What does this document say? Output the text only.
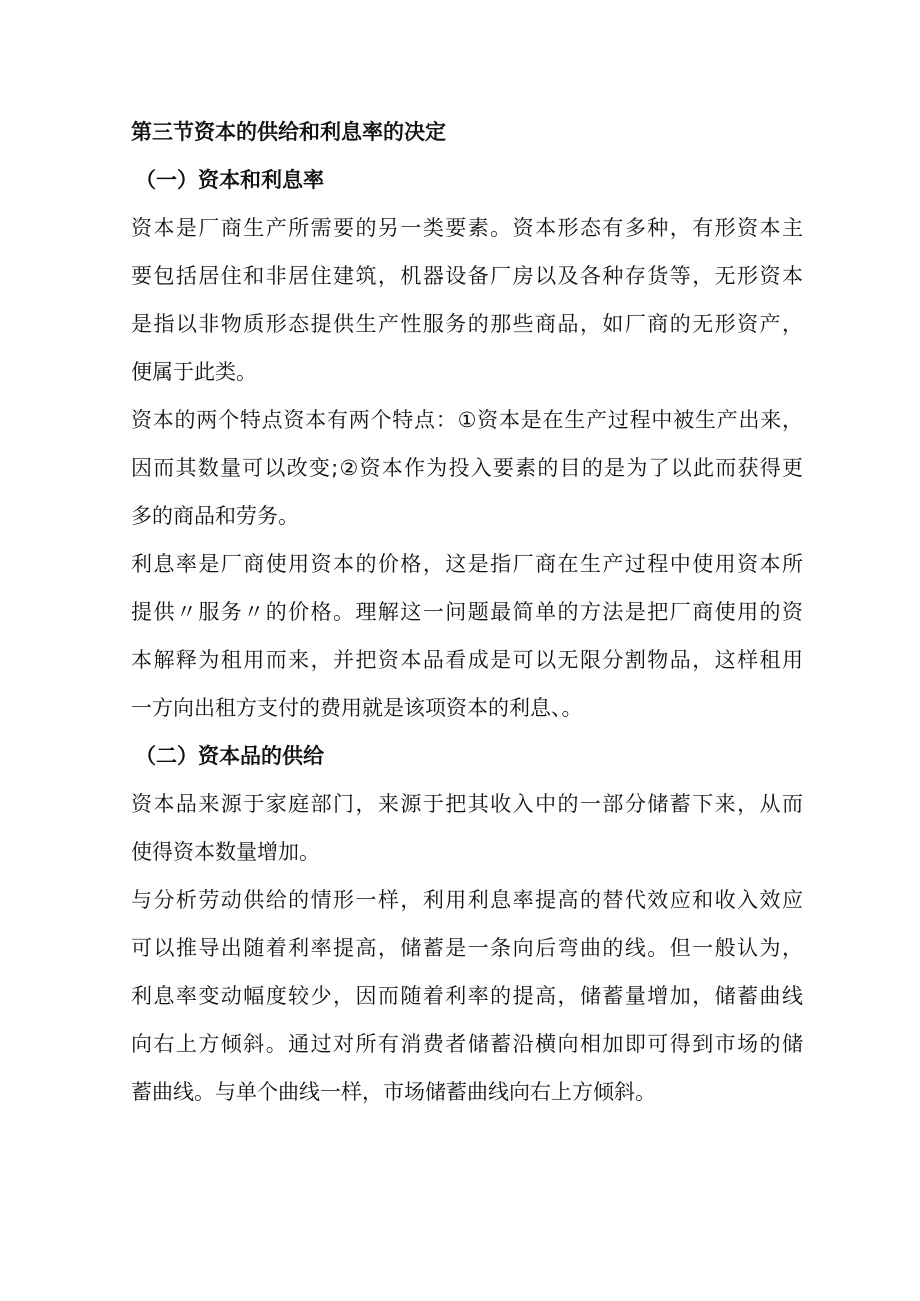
第三节资本的供给和利息率的决定
（一）资本和利息率

资本是厂商生产所需要的另一类要素。资本形态有多种，有形资本主
要包括居住和非居住建筑，机器设备厂房以及各种存货等，无形资本
是指以非物质形态提供生产性服务的那些商品，如厂商的无形资产，
便属于此类。

资本的两个特点资本有两个特点：①资本是在生产过程中被生产出来，
因而其数量可以改变;②资本作为投入要素的目的是为了以此而获得更
多的商品和劳务。

利息率是厂商使用资本的价格，这是指厂商在生产过程中使用资本所
提供〃服务〃的价格。理解这一问题最简单的方法是把厂商使用的资
本解释为租用而来，并把资本品看成是可以无限分割物品，这样租用
一方向出租方支付的费用就是该项资本的利息、。

（二）资本品的供给

资本品来源于家庭部门，来源于把其收入中的一部分储蓄下来，从而
使得资本数量增加。

与分析劳动供给的情形一样，利用利息率提高的替代效应和收入效应
可以推导出随着利率提高，储蓄是一条向后弯曲的线。但一般认为，
利息率变动幅度较少，因而随着利率的提高，储蓄量增加，储蓄曲线
向右上方倾斜。通过对所有消费者储蓄沿横向相加即可得到市场的储
蓄曲线。与单个曲线一样，市场储蓄曲线向右上方倾斜。
